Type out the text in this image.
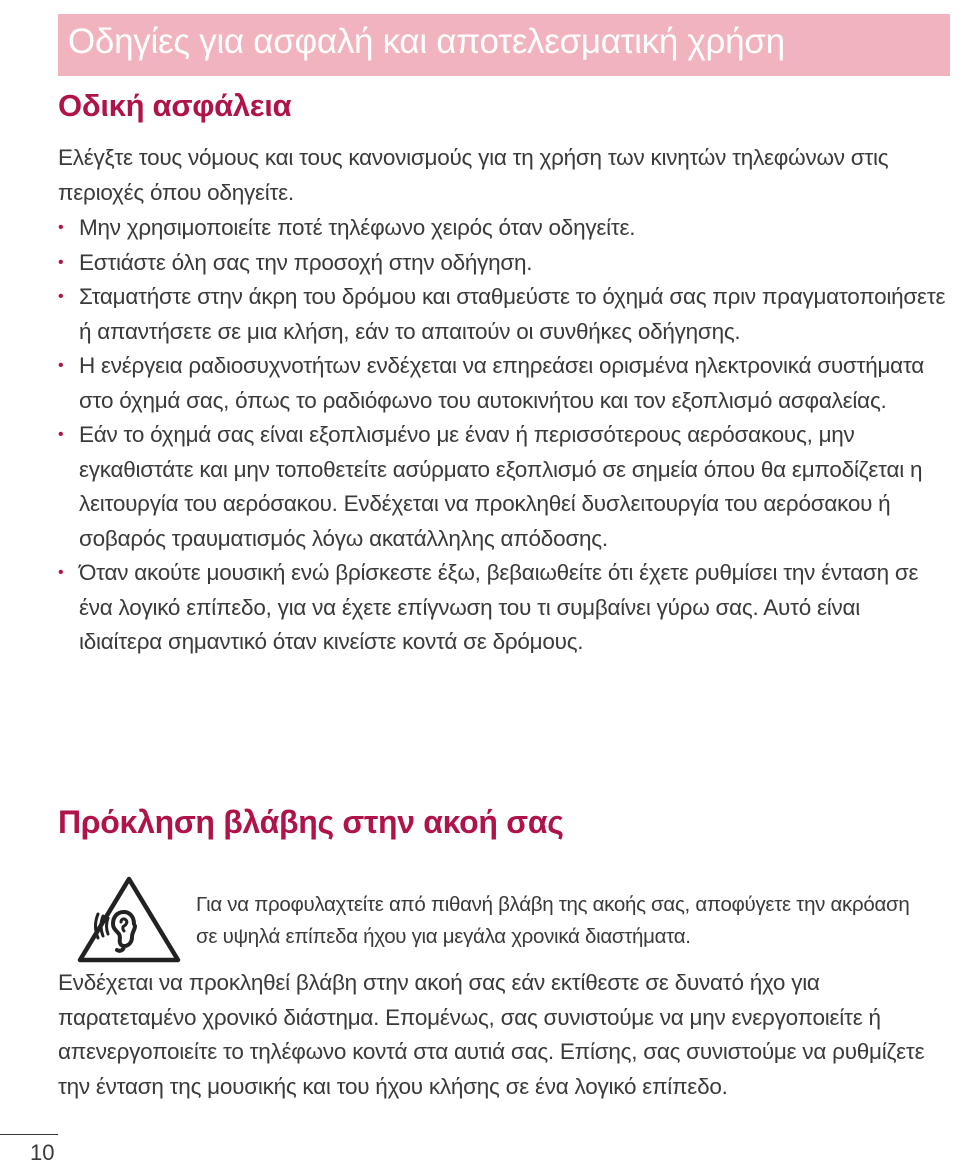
Οδηγίες για ασφαλή και αποτελεσματική χρήση
Οδική ασφάλεια
Ελέγξτε τους νόμους και τους κανονισμούς για τη χρήση των κινητών τηλεφώνων στις περιοχές όπου οδηγείτε.
• Μην χρησιμοποιείτε ποτέ τηλέφωνο χειρός όταν οδηγείτε.
• Εστιάστε όλη σας την προσοχή στην οδήγηση.
• Σταματήστε στην άκρη του δρόμου και σταθμεύστε το όχημά σας πριν πραγματοποιήσετε ή απαντήσετε σε μια κλήση, εάν το απαιτούν οι συνθήκες οδήγησης.
• Η ενέργεια ραδιοσυχνοτήτων ενδέχεται να επηρεάσει ορισμένα ηλεκτρονικά συστήματα στο όχημά σας, όπως το ραδιόφωνο του αυτοκινήτου και τον εξοπλισμό ασφαλείας.
• Εάν το όχημά σας είναι εξοπλισμένο με έναν ή περισσότερους αερόσακους, μην εγκαθιστάτε και μην τοποθετείτε ασύρματο εξοπλισμό σε σημεία όπου θα εμποδίζεται η λειτουργία του αερόσακου. Ενδέχεται να προκληθεί δυσλειτουργία του αερόσακου ή σοβαρός τραυματισμός λόγω ακατάλληλης απόδοσης.
• Όταν ακούτε μουσική ενώ βρίσκεστε έξω, βεβαιωθείτε ότι έχετε ρυθμίσει την ένταση σε ένα λογικό επίπεδο, για να έχετε επίγνωση του τι συμβαίνει γύρω σας. Αυτό είναι ιδιαίτερα σημαντικό όταν κινείστε κοντά σε δρόμους.
Πρόκληση βλάβης στην ακοή σας
Για να προφυλαχτείτε από πιθανή βλάβη της ακοής σας, αποφύγετε την ακρόαση σε υψηλά επίπεδα ήχου για μεγάλα χρονικά διαστήματα.
Ενδέχεται να προκληθεί βλάβη στην ακοή σας εάν εκτίθεστε σε δυνατό ήχο για παρατεταμένο χρονικό διάστημα. Επομένως, σας συνιστούμε να μην ενεργοποιείτε ή απενεργοποιείτε το τηλέφωνο κοντά στα αυτιά σας. Επίσης, σας συνιστούμε να ρυθμίζετε την ένταση της μουσικής και του ήχου κλήσης σε ένα λογικό επίπεδο.
10
